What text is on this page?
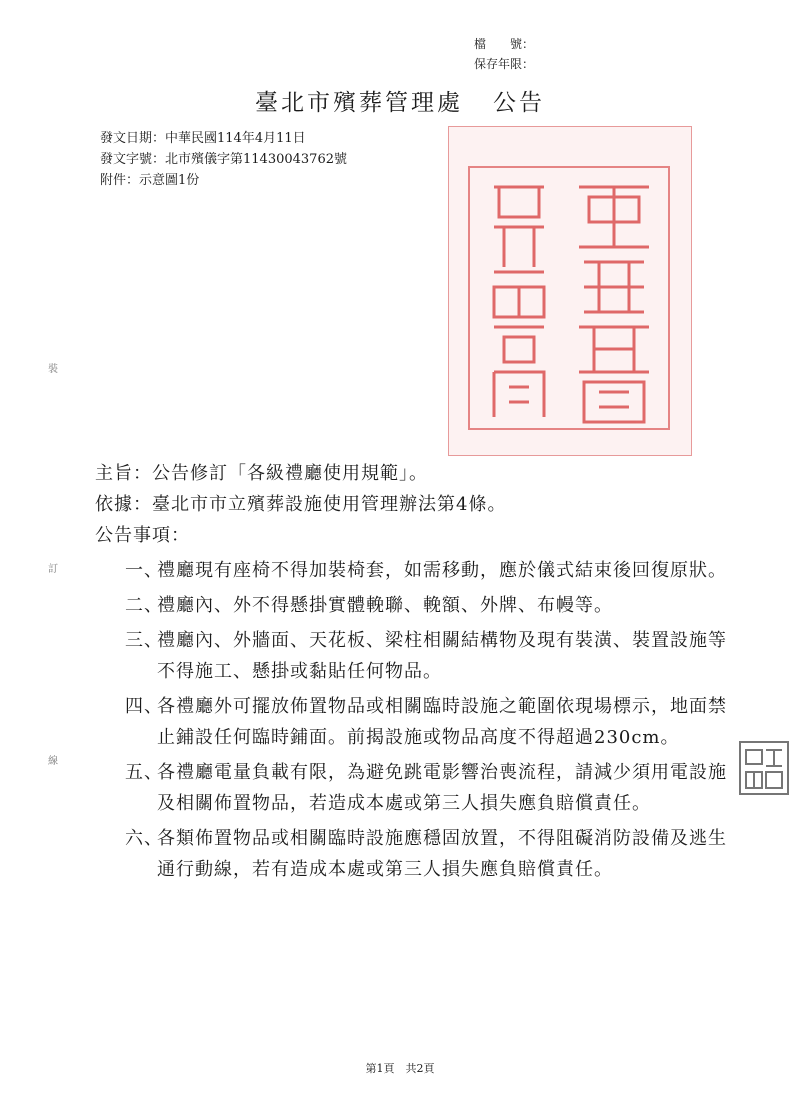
檔　　號：
保存年限：
臺北市殯葬管理處 公告
發文日期：中華民國114年4月11日
發文字號：北市殯儀字第11430043762號
附件：示意圖1份
裝
訂
線
主旨：公告修訂「各級禮廳使用規範」。
依據：臺北市市立殯葬設施使用管理辦法第4條。
公告事項：
一、
禮廳現有座椅不得加裝椅套，如需移動，應於儀式結束後回復原狀。
二、
禮廳內、外不得懸掛實體輓聯、輓額、外牌、布幔等。
三、
禮廳內、外牆面、天花板、梁柱相關結構物及現有裝潢、裝置設施等不得施工、懸掛或黏貼任何物品。
四、
各禮廳外可擺放佈置物品或相關臨時設施之範圍依現場標示，地面禁止鋪設任何臨時鋪面。前揭設施或物品高度不得超過230cm。
五、
各禮廳電量負載有限，為避免跳電影響治喪流程，請減少須用電設施及相關佈置物品，若造成本處或第三人損失應負賠償責任。
六、
各類佈置物品或相關臨時設施應穩固放置，不得阻礙消防設備及逃生通行動線，若有造成本處或第三人損失應負賠償責任。
第1頁　共2頁
